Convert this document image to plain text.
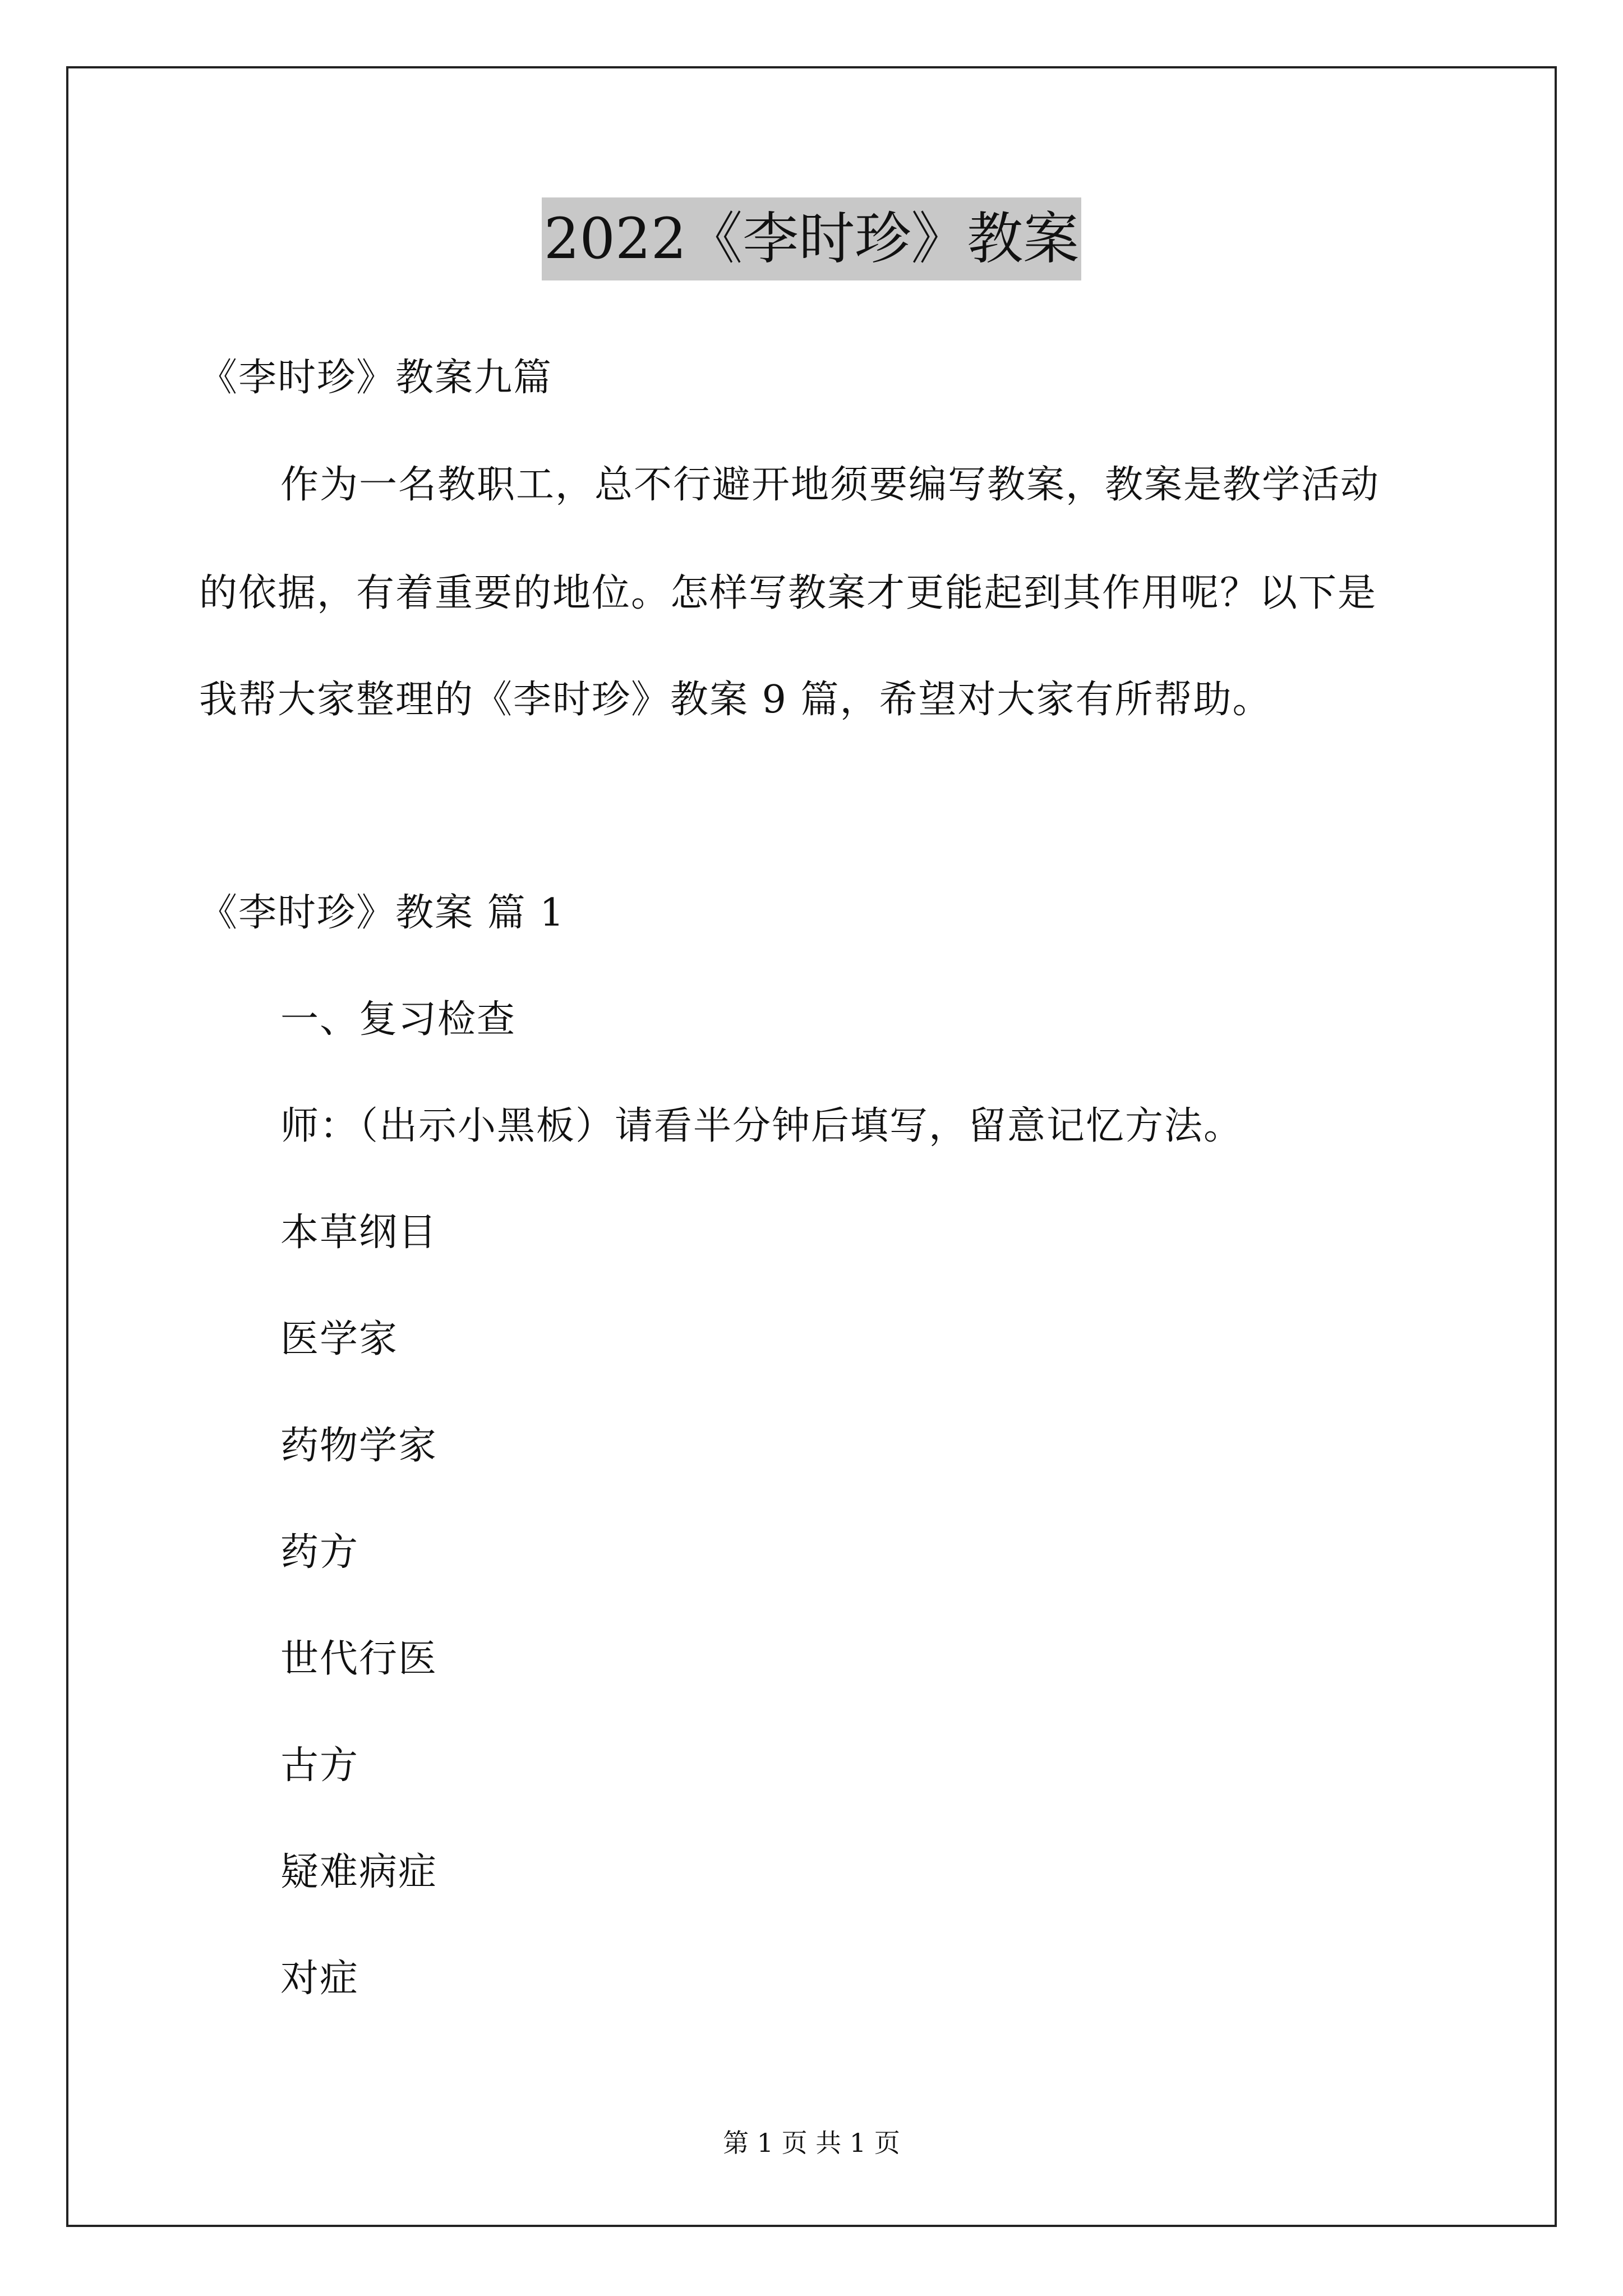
2022《李时珍》教案
《李时珍》教案九篇
作为一名教职工，总不行避开地须要编写教案，教案是教学活动
的依据，有着重要的地位。怎样写教案才更能起到其作用呢？以下是
我帮大家整理的《李时珍》教案 9 篇，希望对大家有所帮助。
《李时珍》教案 篇 1
一、复习检查
师：（出示小黑板）请看半分钟后填写，留意记忆方法。
本草纲目
医学家
药物学家
药方
世代行医
古方
疑难病症
对症
第 1 页 共 1 页
